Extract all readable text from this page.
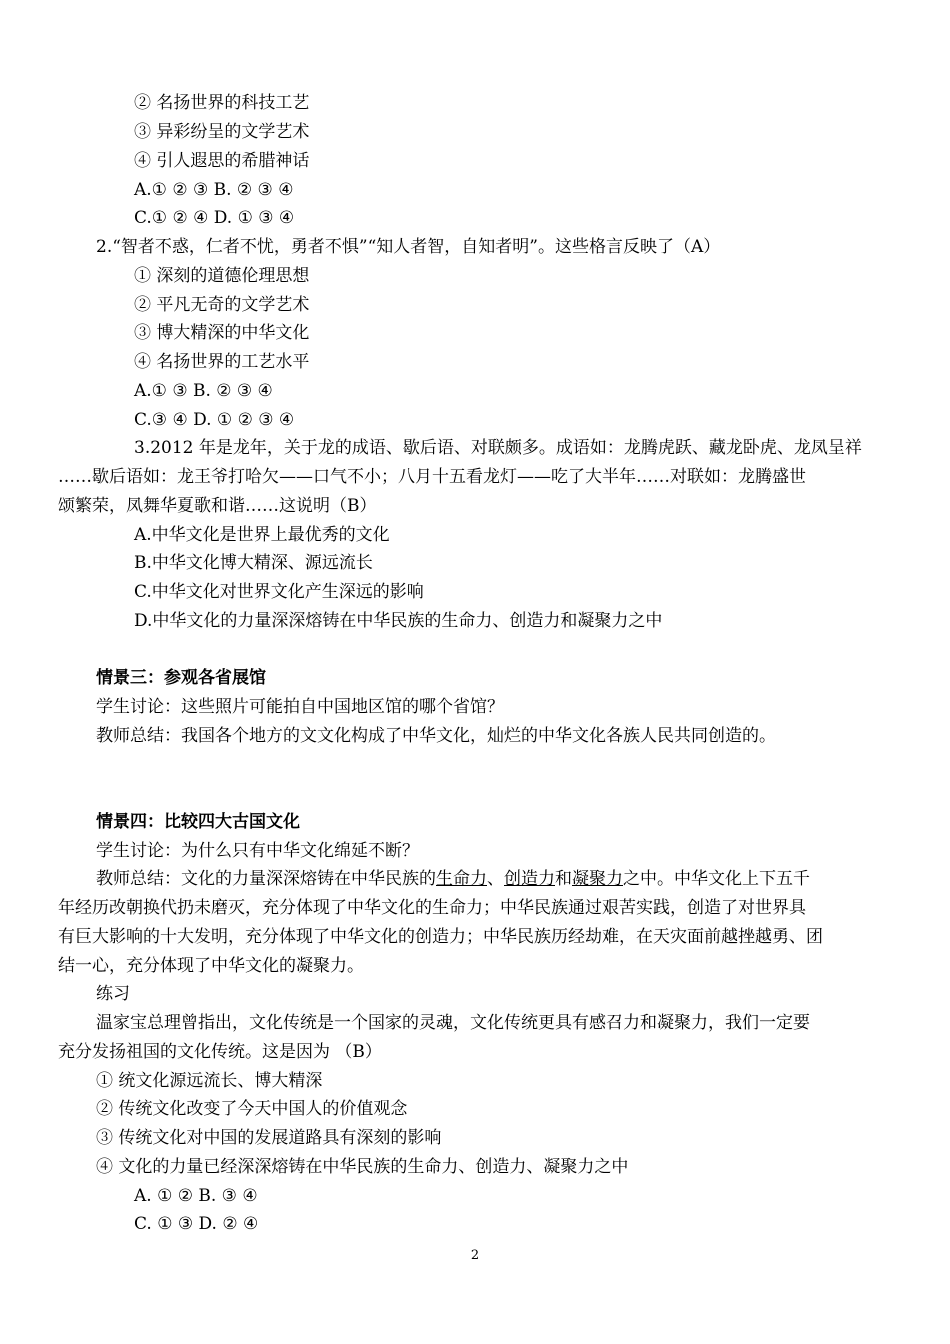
② 名扬世界的科技工艺
③ 异彩纷呈的文学艺术
④ 引人遐思的希腊神话
A.① ② ③ B. ② ③ ④
C.① ② ④ D. ① ③ ④
2.“智者不惑，仁者不忧，勇者不惧”“知人者智，自知者明”。这些格言反映了（A）
① 深刻的道德伦理思想
② 平凡无奇的文学艺术
③ 博大精深的中华文化
④ 名扬世界的工艺水平
A.① ③ B. ② ③ ④
C.③ ④ D. ① ② ③ ④
3.2012 年是龙年，关于龙的成语、歇后语、对联颇多。成语如：龙腾虎跃、藏龙卧虎、龙凤呈祥
……歇后语如：龙王爷打哈欠——口气不小；八月十五看龙灯——吃了大半年……对联如：龙腾盛世
颂繁荣，凤舞华夏歌和谐……这说明（B）
A.中华文化是世界上最优秀的文化
B.中华文化博大精深、源远流长
C.中华文化对世界文化产生深远的影响
D.中华文化的力量深深熔铸在中华民族的生命力、创造力和凝聚力之中
情景三：参观各省展馆
学生讨论：这些照片可能拍自中国地区馆的哪个省馆？
教师总结：我国各个地方的文文化构成了中华文化，灿烂的中华文化各族人民共同创造的。
情景四：比较四大古国文化
学生讨论：为什么只有中华文化绵延不断？
教师总结：文化的力量深深熔铸在中华民族的生命力、创造力和凝聚力之中。中华文化上下五千
年经历改朝换代扔未磨灭，充分体现了中华文化的生命力；中华民族通过艰苦实践，创造了对世界具
有巨大影响的十大发明，充分体现了中华文化的创造力；中华民族历经劫难，在天灾面前越挫越勇、团
结一心，充分体现了中华文化的凝聚力。
练习
温家宝总理曾指出，文化传统是一个国家的灵魂，文化传统更具有感召力和凝聚力，我们一定要
充分发扬祖国的文化传统。这是因为 （B）
① 统文化源远流长、博大精深
② 传统文化改变了今天中国人的价值观念
③ 传统文化对中国的发展道路具有深刻的影响
④ 文化的力量已经深深熔铸在中华民族的生命力、创造力、凝聚力之中
A. ① ② B. ③ ④
C. ① ③ D. ② ④
2
